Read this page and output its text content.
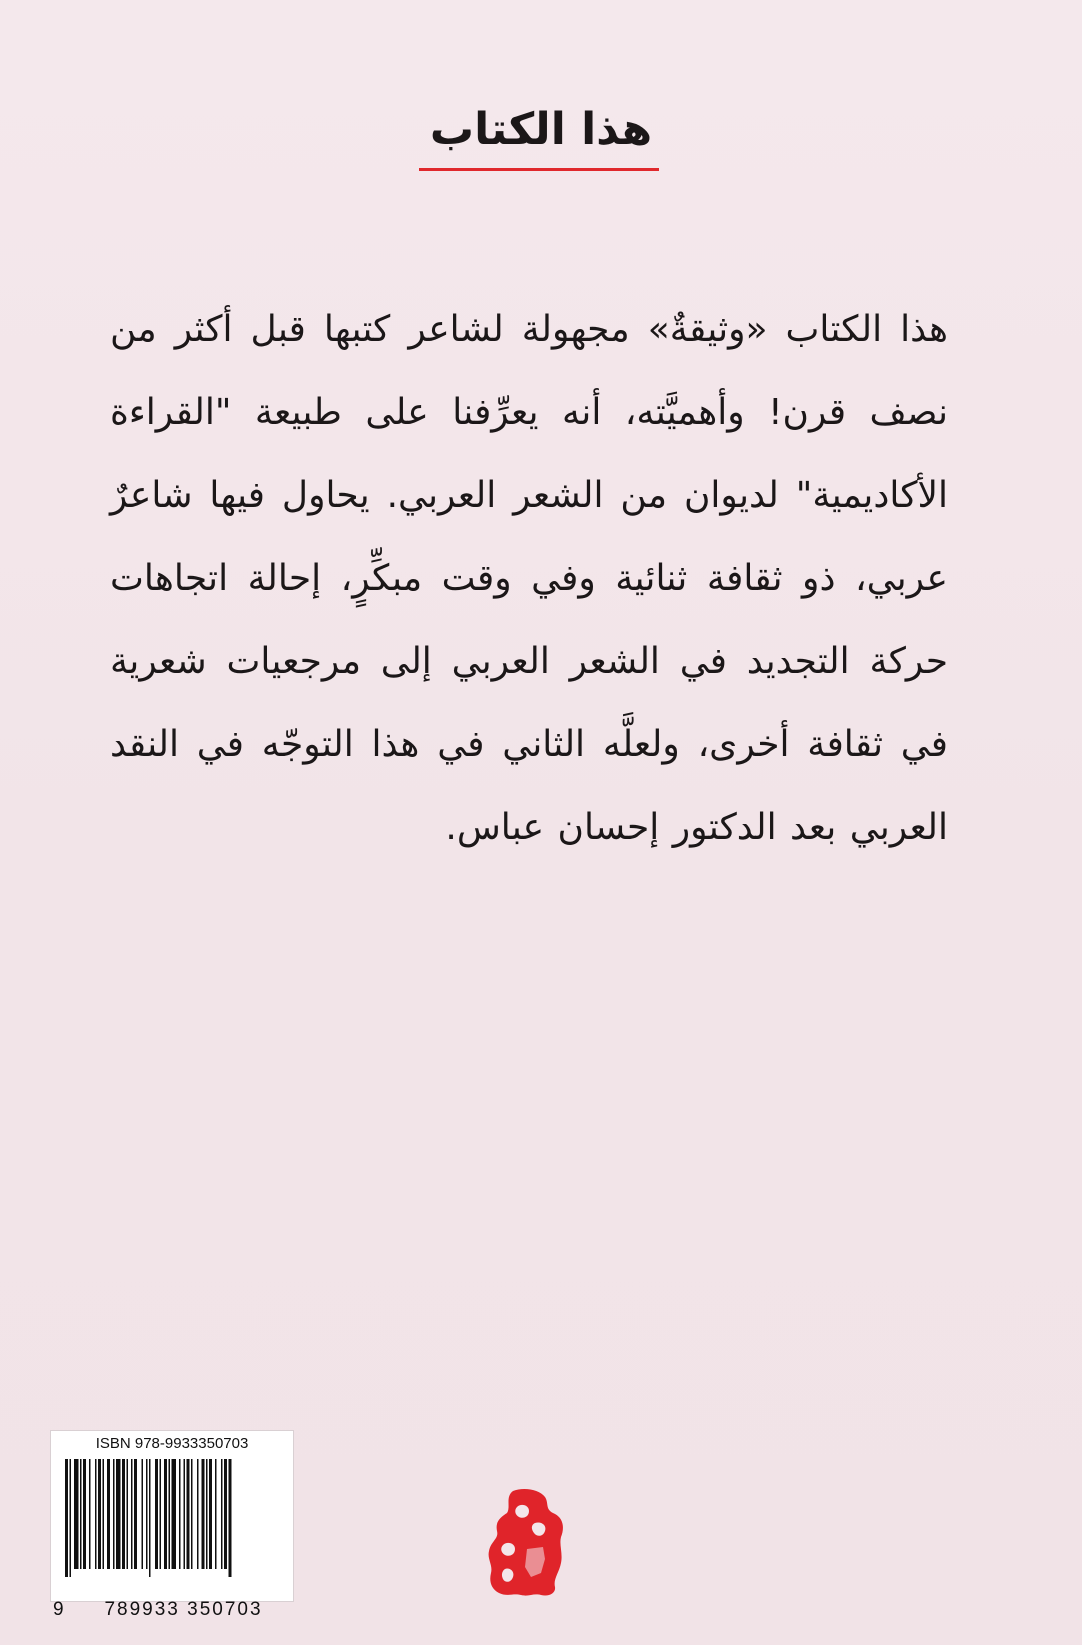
هذا الكتاب

هذا الكتاب «وثيقةٌ» مجهولة لشاعر كتبها قبل أكثر من نصف قرن! وأهميَّته، أنه يعرِّفنا على طبيعة "القراءة الأكاديمية" لديوان من الشعر العربي. يحاول فيها شاعرٌ عربي، ذو ثقافة ثنائية وفي وقت مبكِّرٍ، إحالة اتجاهات حركة التجديد في الشعر العربي إلى مرجعيات شعرية في ثقافة أخرى، ولعلَّه الثاني في هذا التوجّه في النقد العربي بعد الدكتور إحسان عباس.

ISBN 978-9933350703
9	789933 350703
